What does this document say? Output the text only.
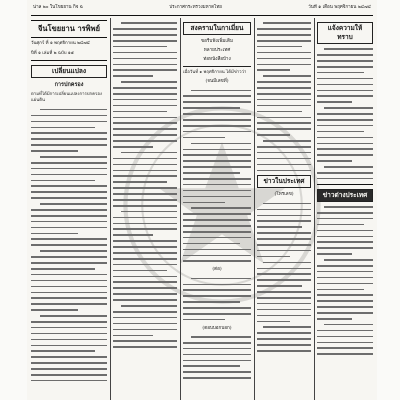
น่าล ๒๐ ในโขยยาน กิจ ฉ	ประกาศกระทรวงมหาดไทย	วันที่ ๑ เดือน พฤศจิกายน ๒๔๗๔
จีนโขยยาน ารพิพย์
วันศุกร์ ที่ ๑ พฤศจิกายน ๒๔๗๔
ปีที่ ๑ เล่มที่ ๒ ฉบับ ๑๕
เปลี่ยนแปลง
การปกครอง

ตามที่ได้มีการเปลี่ยนแปลงการปกครองแผ่นดิน

สงครามในกาเมี่ยน
ขอรีบฟังเพิ่มเติม
หลายประเทศ
ท่อหนังสือบ้าง

เมื่อวันที่ ๑ พฤศจิกายน ได้มีข่าวว่า

(จนมีเลขที่)
(ต่อ)
(ตอบบอกบอก)
ข่าวในประเทศ
(โทรเลข)
แจ้งความให้ทราบ
ข่าวต่างประเทศ
